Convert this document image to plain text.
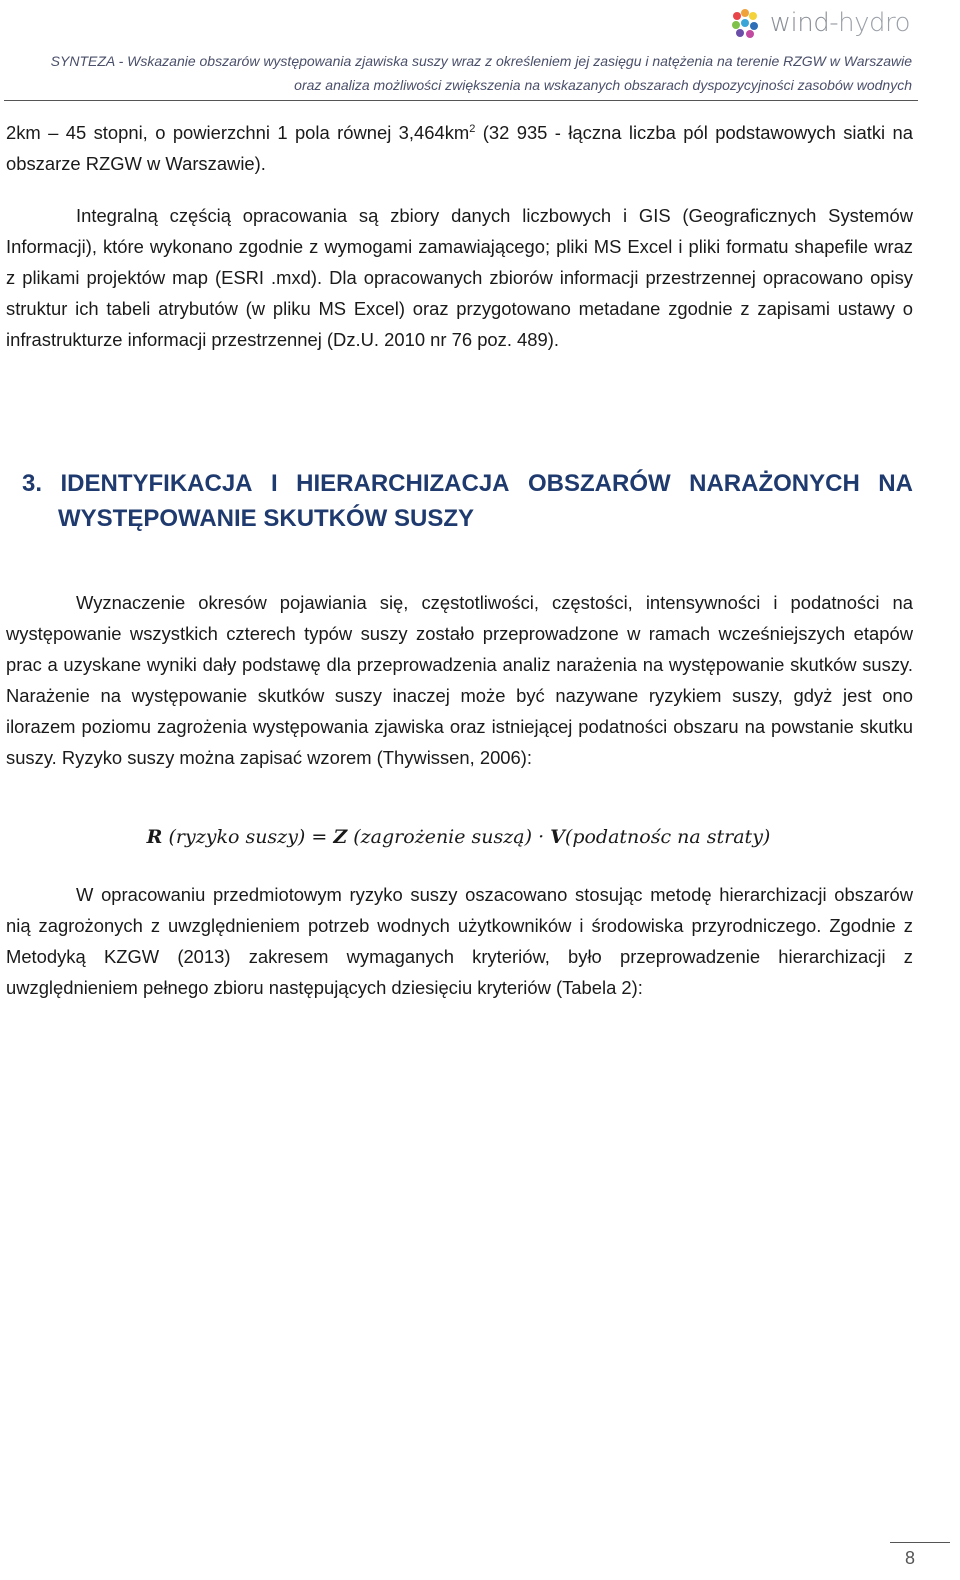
wind-hydro
SYNTEZA - Wskazanie obszarów występowania zjawiska suszy wraz z określeniem jej zasięgu i natężenia na terenie RZGW w Warszawie
oraz analiza możliwości zwiększenia na wskazanych obszarach dyspozycyjności zasobów wodnych

2km – 45 stopni, o powierzchni 1 pola równej $3,464km^2$ (32 935 - łączna liczba pól podstawowych siatki na obszarze RZGW w Warszawie).

Integralną częścią opracowania są zbiory danych liczbowych i GIS (Geograficznych Systemów Informacji), które wykonano zgodnie z wymogami zamawiającego; pliki MS Excel i pliki formatu shapefile wraz z plikami projektów map (ESRI .mxd). Dla opracowanych zbiorów informacji przestrzennej opracowano opisy struktur ich tabeli atrybutów (w pliku MS Excel) oraz przygotowano metadane zgodnie z zapisami ustawy o infrastrukturze informacji przestrzennej (Dz.U. 2010 nr 76 poz. 489).

3. IDENTYFIKACJA I HIERARCHIZACJA OBSZARÓW NARAŻONYCH NA
WYSTĘPOWANIE SKUTKÓW SUSZY

Wyznaczenie okresów pojawiania się, częstotliwości, częstości, intensywności i podatności na występowanie wszystkich czterech typów suszy zostało przeprowadzone w ramach wcześniejszych etapów prac a uzyskane wyniki dały podstawę dla przeprowadzenia analiz narażenia na występowanie skutków suszy. Narażenie na występowanie skutków suszy inaczej może być nazywane ryzykiem suszy, gdyż jest ono ilorazem poziomu zagrożenia występowania zjawiska oraz istniejącej podatności obszaru na powstanie skutku suszy. Ryzyko suszy można zapisać wzorem (Thywissen, 2006):

R (ryzyko suszy) = Z (zagrożenie suszą) · V(podatnośc na straty)

W opracowaniu przedmiotowym ryzyko suszy oszacowano stosując metodę hierarchizacji obszarów nią zagrożonych z uwzględnieniem potrzeb wodnych użytkowników i środowiska przyrodniczego. Zgodnie z Metodyką KZGW (2013) zakresem wymaganych kryteriów, było przeprowadzenie hierarchizacji z uwzględnieniem pełnego zbioru następujących dziesięciu kryteriów (Tabela 2):

8
